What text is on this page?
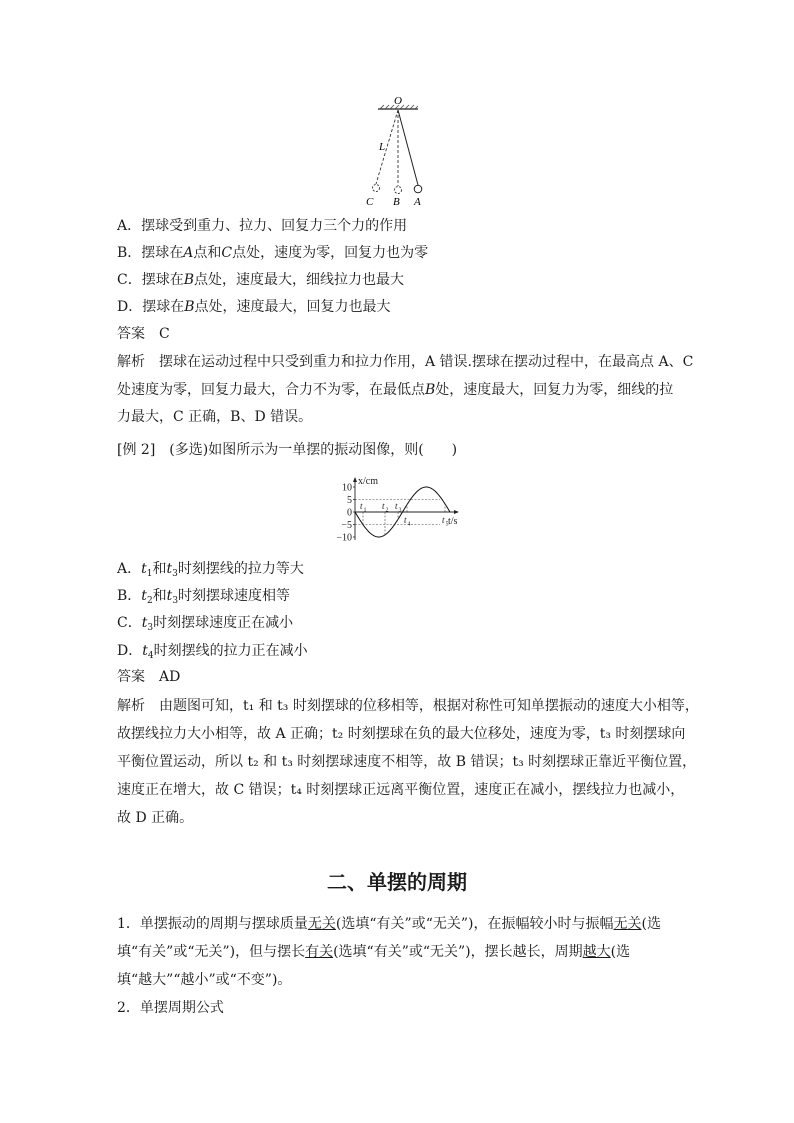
O
L
C B A
A．摆球受到重力、拉力、回复力三个力的作用
B．摆球在A点和C点处，速度为零，回复力也为零
C．摆球在B点处，速度最大，细线拉力也最大
D．摆球在B点处，速度最大，回复力也最大
答案 C
解析 摆球在运动过程中只受到重力和拉力作用，A 错误.摆球在摆动过程中，在最高点 A、C
处速度为零，回复力最大，合力不为零，在最低点B处，速度最大，回复力为零，细线的拉
力最大，C 正确，B、D 错误。
[例 2]　(多选)如图所示为一单摆的振动图像，则(　　)
10
5
0
−5
−10
x/cm
t/s
t 1 t 2 t 3
t 4	t 5
A．$t_1$和$t_3$时刻摆线的拉力等大
B．$t_2$和$t_3$时刻摆球速度相等
C．$t_3$时刻摆球速度正在减小
D．$t_4$时刻摆线的拉力正在减小
答案 AD
解析 由题图可知，t₁ 和 t₃ 时刻摆球的位移相等，根据对称性可知单摆振动的速度大小相等，
故摆线拉力大小相等，故 A 正确；t₂ 时刻摆球在负的最大位移处，速度为零，t₃ 时刻摆球向
平衡位置运动，所以 t₂ 和 t₃ 时刻摆球速度不相等，故 B 错误；t₃ 时刻摆球正靠近平衡位置，
速度正在增大，故 C 错误；t₄ 时刻摆球正远离平衡位置，速度正在减小，摆线拉力也减小，
故 D 正确。
二、单摆的周期
1．单摆振动的周期与摆球质量无关(选填“有关”或“无关”)，在振幅较小时与振幅无关(选
填“有关”或“无关”)，但与摆长有关(选填“有关”或“无关”)，摆长越长，周期越大(选
填“越大”“越小”或“不变”)。
2．单摆周期公式
